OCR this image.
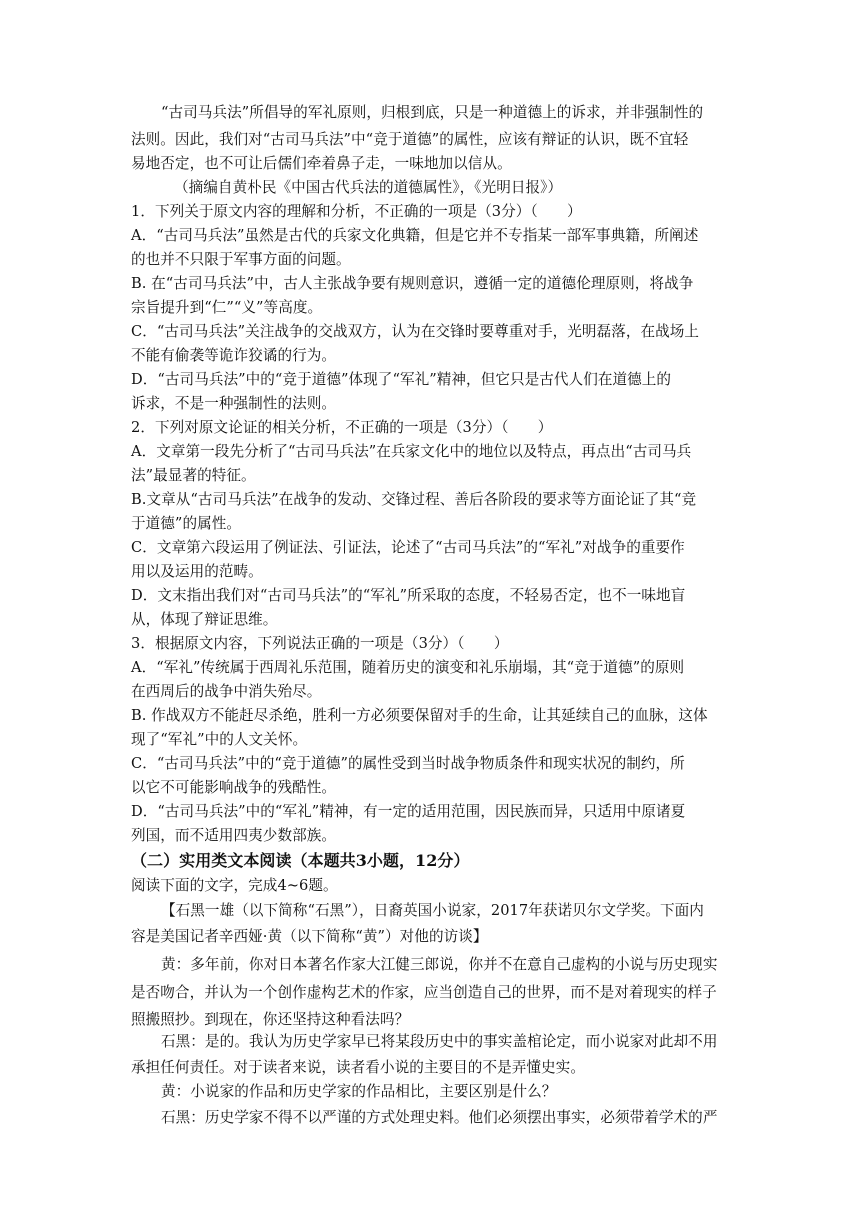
“古司马兵法”所倡导的军礼原则，归根到底，只是一种道德上的诉求，并非强制性的
法则。因此，我们对“古司马兵法”中“竞于道德”的属性，应该有辩证的认识，既不宜轻
易地否定，也不可让后儒们牵着鼻子走，一味地加以信从。
（摘编自黄朴民《中国古代兵法的道德属性》，《光明日报》）
1．下列关于原文内容的理解和分析，不正确的一项是（3分）（　　）
A．“古司马兵法”虽然是古代的兵家文化典籍，但是它并不专指某一部军事典籍，所阐述
的也并不只限于军事方面的问题。
B. 在“古司马兵法”中，古人主张战争要有规则意识，遵循一定的道德伦理原则，将战争
宗旨提升到“仁”“义”等高度。
C．“古司马兵法”关注战争的交战双方，认为在交锋时要尊重对手，光明磊落，在战场上
不能有偷袭等诡诈狡谲的行为。
D．“古司马兵法”中的“竞于道德”体现了“军礼”精神，但它只是古代人们在道德上的
诉求，不是一种强制性的法则。
2．下列对原文论证的相关分析，不正确的一项是（3分）（　　）
A．文章第一段先分析了“古司马兵法”在兵家文化中的地位以及特点，再点出“古司马兵
法”最显著的特征。
B.文章从“古司马兵法”在战争的发动、交锋过程、善后各阶段的要求等方面论证了其“竞
于道德”的属性。
C．文章第六段运用了例证法、引证法，论述了“古司马兵法”的“军礼”对战争的重要作
用以及运用的范畴。
D．文末指出我们对“古司马兵法”的“军礼”所采取的态度，不轻易否定，也不一味地盲
从，体现了辩证思维。
3．根据原文内容，下列说法正确的一项是（3分）（　　）
A．“军礼”传统属于西周礼乐范围，随着历史的演变和礼乐崩塌，其“竞于道德”的原则
在西周后的战争中消失殆尽。
B. 作战双方不能赶尽杀绝，胜利一方必须要保留对手的生命，让其延续自己的血脉，这体
现了“军礼”中的人文关怀。
C．“古司马兵法”中的“竞于道德”的属性受到当时战争物质条件和现实状况的制约，所
以它不可能影响战争的残酷性。
D．“古司马兵法”中的“军礼”精神，有一定的适用范围，因民族而异，只适用中原诸夏
列国，而不适用四夷少数部族。
（二）实用类文本阅读（本题共3小题，12分）
阅读下面的文字，完成4~6题。
【石黑一雄（以下简称“石黑”），日裔英国小说家，2017年获诺贝尔文学奖。下面内
容是美国记者辛西娅·黄（以下简称“黄”）对他的访谈】
黄：多年前，你对日本著名作家大江健三郎说，你并不在意自己虚构的小说与历史现实
是否吻合，并认为一个创作虚构艺术的作家，应当创造自己的世界，而不是对着现实的样子
照搬照抄。到现在，你还坚持这种看法吗？
石黑：是的。我认为历史学家早已将某段历史中的事实盖棺论定，而小说家对此却不用
承担任何责任。对于读者来说，读者看小说的主要目的不是弄懂史实。
黄：小说家的作品和历史学家的作品相比，主要区别是什么？
石黑：历史学家不得不以严谨的方式处理史料。他们必须摆出事实，必须带着学术的严
